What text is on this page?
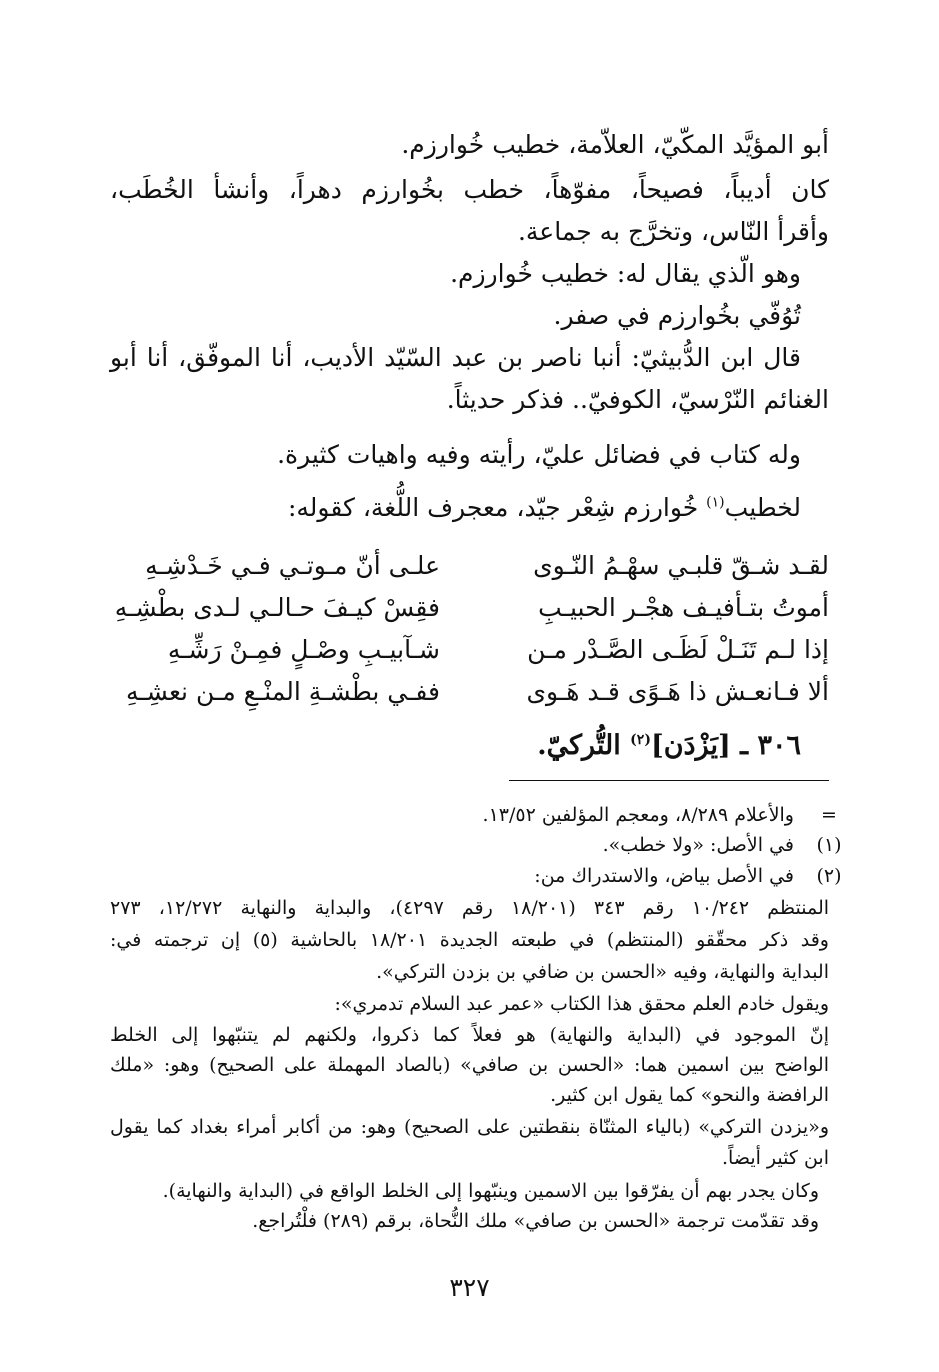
أبو المؤيَّد المكّيّ، العلاّمة، خطيب خُوارزم.
كان أديباً، فصيحاً، مفوّهاً، خطب بخُوارزم دهراً، وأنشأ الخُطَب،
وأقرأ النّاس، وتخرَّج به جماعة.
وهو الّذي يقال له: خطيب خُوارزم.
تُوُفّي بخُوارزم في صفر.
قال ابن الدُّبيثيّ: أنبا ناصر بن عبد السّيّد الأديب، أنا الموفّق، أنا أبو
الغنائم النّرْسيّ، الكوفيّ.. فذكر حديثاً.
وله كتاب في فضائل عليّ، رأيته وفيه واهيات كثيرة.
لخطيب$^{(١)}$ خُوارزم شِعْر جيّد، معجرف اللُّغة، كقوله:
لقـد شـقّ قلبـي سهْـمُ النّـوى
علـى أنّ مـوتـي فـي خَـدْشِـهِ
أموتُ بتـأفيـف هجْـر الحبيـبِ
فقِسْ كيـفَ حـالـي لـدى بطْشِـهِ
إذا لـم تَنَـلْ لَظَـى الصَّـدْر مـن
شـآبيـبِ وصْـلٍ فمِـنْ رَشِّـهِ
ألا فـانعـش ذا هَـوًى قـد هَـوى
ففـي بطْشـةِ المنْـعِ مـن نعشِـهِ
٣٠٦ ـ [يَزْدَن]$^{(٢)}$ التُّركيّ.
=
والأعلام ٨/٢٨٩، ومعجم المؤلفين ١٣/٥٢.
(١)
في الأصل: «ولا خطب».
(٢)
في الأصل بياض، والاستدراك من:
المنتظم ١٠/٢٤٢ رقم ٣٤٣ (١٨/٢٠١ رقم ٤٢٩٧)، والبداية والنهاية ١٢/٢٧٢، ٢٧٣
وقد ذكر محقّقو (المنتظم) في طبعته الجديدة ١٨/٢٠١ بالحاشية (٥) إن ترجمته في:
البداية والنهاية، وفيه «الحسن بن ضافي بن بزدن التركي».
ويقول خادم العلم محقق هذا الكتاب «عمر عبد السلام تدمري»:
إنّ الموجود في (البداية والنهاية) هو فعلاً كما ذكروا، ولكنهم لم يتنبّهوا إلى الخلط
الواضح بين اسمين هما: «الحسن بن صافي» (بالصاد المهملة على الصحيح) وهو: «ملك
الرافضة والنحو» كما يقول ابن كثير.
و«يزدن التركي» (بالياء المثنّاة بنقطتين على الصحيح) وهو: من أكابر أمراء بغداد كما يقول
ابن كثير أيضاً.
وكان يجدر بهم أن يفرّقوا بين الاسمين وينبّهوا إلى الخلط الواقع في (البداية والنهاية).
وقد تقدّمت ترجمة «الحسن بن صافي» ملك النُّحاة، برقم (٢٨٩) فلْتُراجع.
٣٢٧
